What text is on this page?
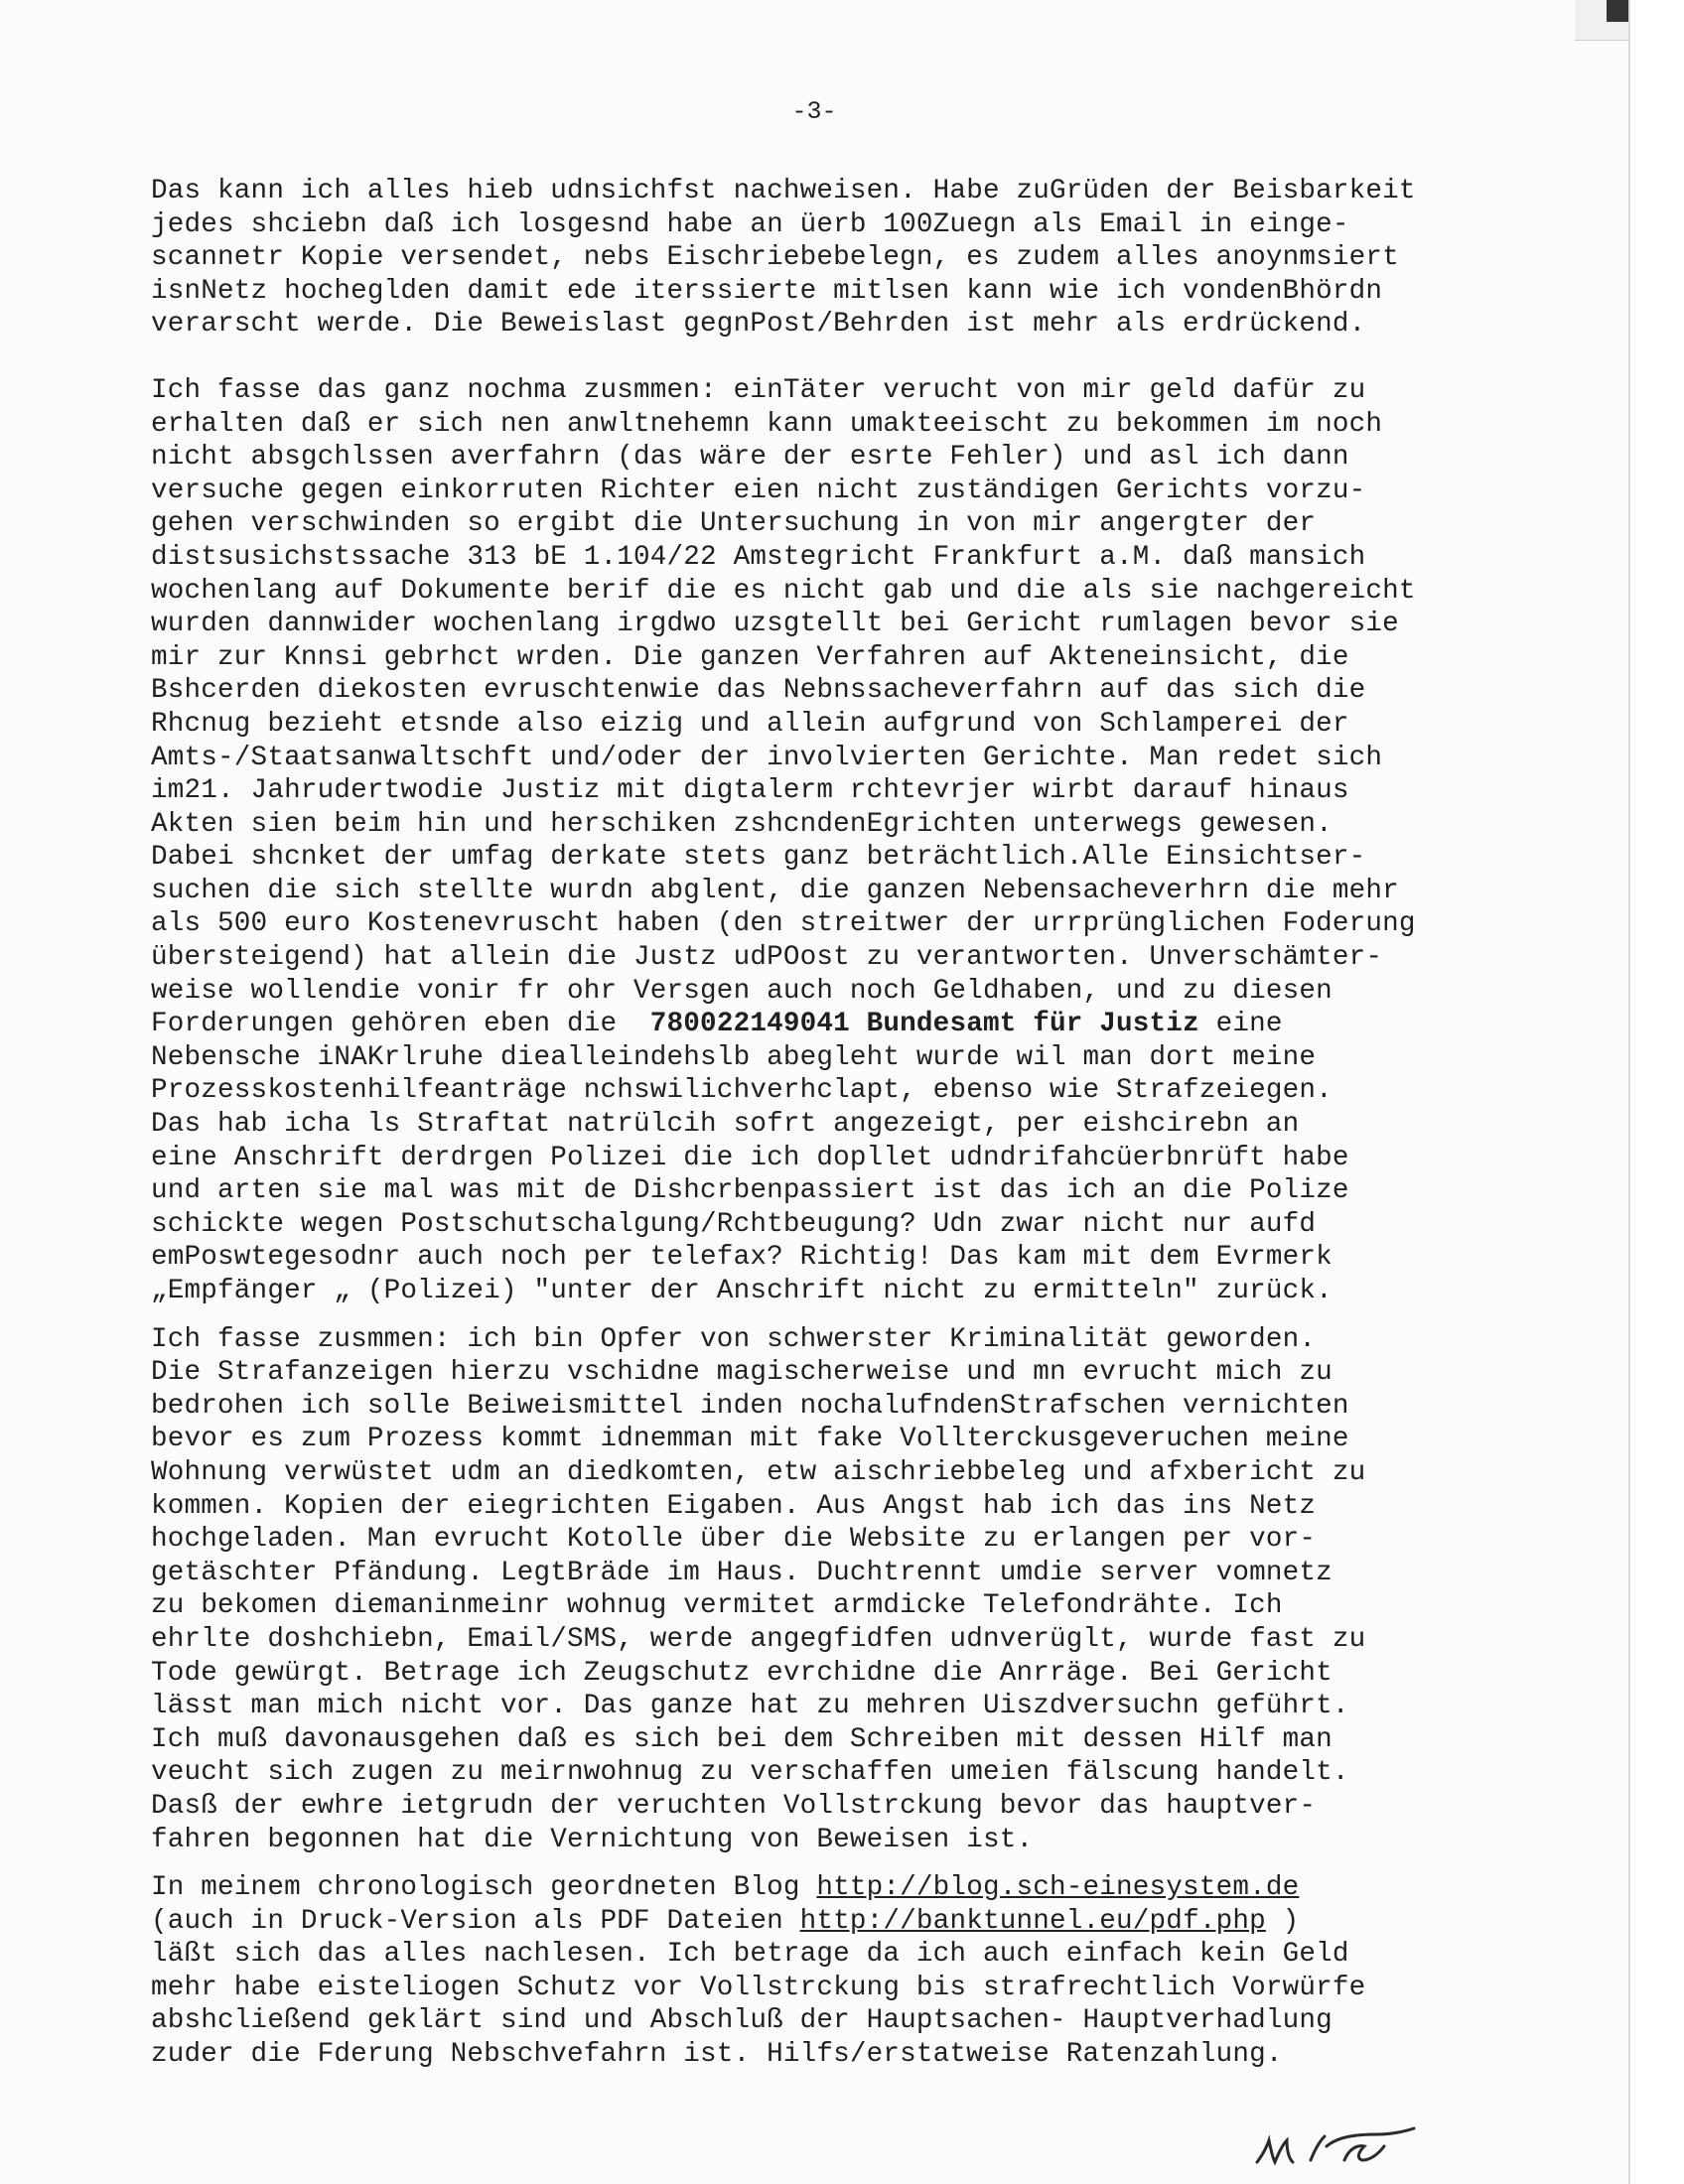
-3-
Das kann ich alles hieb udnsichfst nachweisen. Habe zuGrüden der Beisbarkeit
jedes shciebn daß ich losgesnd habe an üerb 100Zuegn als Email in einge-
scannetr Kopie versendet, nebs Eischriebebelegn, es zudem alles anoynmsiert
isnNetz hocheglden damit ede iterssierte mitlsen kann wie ich vondenBhördn
verarscht werde. Die Beweislast gegnPost/Behrden ist mehr als erdrückend.
Ich fasse das ganz nochma zusmmen: einTäter veruсht von mir geld dafür zu
erhalten daß er sich nen anwltnehemn kann umakteeischt zu bekommen im noch
nicht absgchlssen averfahrn (das wäre der esrte Fehler) und asl ich dann
versuche gegen einkorruten Richter eien nicht zuständigen Gerichts vorzu-
gehen verschwinden so ergibt die Untersuchung in von mir angergter der
distsusichstssache 313 bE 1.104/22 Amstegricht Frankfurt a.M. daß mansich
wochenlang auf Dokumente berif die es nicht gab und die als sie nachgereicht
wurden dannwider wochenlang irgdwo uzsgtellt bei Gericht rumlagen bevor sie
mir zur Knnsi gebrhct wrden. Die ganzen Verfahren auf Akteneinsicht, die
Bshcerden diekosten evruschtenwie das Nebnssacheverfahrn auf das sich die
Rhcnug bezieht etsnde also eizig und allein aufgrund von Schlamperei der
Amts-/Staatsanwaltschft und/oder der involvierten Gerichte. Man redet sich
im21. Jahrudertwodie Justiz mit digtalerm rchtevrjer wirbt darauf hinaus
Akten sien beim hin und herschiken zshcndenEgrichten unterwegs gewesen.
Dabei shcnket der umfag derkate stets ganz beträchtlich.Alle Einsichtser-
suchen die sich stellte wurdn abglent, die ganzen Nebensacheverhrn die mehr
als 500 euro Kostenevruscht haben (den streitwer der urrprünglichen Foderung
übersteigend) hat allein die Justz udPOost zu verantworten. Unverschämter-
weise wollendie vonir fr ohr Versgen auch noch Geldhaben, und zu diesen
Forderungen gehören eben die  780022149041 Bundesamt für Justiz eine
Nebensche iNAKrlruhe diealleindehslb abegleht wurde wil man dort meine
Prozesskostenhilfeanträge nchswilichverhclapt, ebenso wie Strafzeiegen.
Das hab icha ls Straftat natrülcih sofrt angezeigt, per eishcirebn an
eine Anschrift derdrgen Polizei die ich dopllet udndrifahcüerbnrüft habe
und arten sie mal was mit de Dishcrbenpassiert ist das ich an die Polize
schickte wegen Postschutschalgung/Rchtbeugung? Udn zwar nicht nur aufd
emPoswtegesodnr auch noch per telefax? Richtig! Das kam mit dem Evrmerk
„Empfänger „ (Polizei) "unter der Anschrift nicht zu ermitteln" zurück.
Ich fasse zusmmen: ich bin Opfer von schwerster Kriminalität geworden.
Die Strafanzeigen hierzu vschidne magischerweise und mn evrucht mich zu
bedrohen ich solle Beiweismittel inden nochalufndenStrafschen vernichten
bevor es zum Prozess kommt idnemman mit fake Vollterckusgeveruchen meine
Wohnung verwüstet udm an diedkomten, etw aischriebbeleg und afxbericht zu
kommen. Kopien der eiegrichten Eigaben. Aus Angst hab ich das ins Netz
hochgeladen. Man evrucht Kotolle über die Website zu erlangen per vor-
getäschter Pfändung. LegtBräde im Haus. Duchtrennt umdie server vomnetz
zu bekomen diemaninmeinr wohnug vermitet armdicke Telefondrähte. Ich
ehrlte doshchiebn, Email/SMS, werde angegfidfen udnverüglt, wurde fast zu
Tode gewürgt. Betrage ich Zeugschutz evrchidne die Anrräge. Bei Gericht
lässt man mich nicht vor. Das ganze hat zu mehren Uiszdversuchn geführt.
Ich muß davonausgehen daß es sich bei dem Schreiben mit dessen Hilf man
veucht sich zugen zu meirnwohnug zu verschaffen umeien fälscung handelt.
Dasß der ewhre ietgrudn der veruchten Vollstrckung bevor das hauptver-
fahren begonnen hat die Vernichtung von Beweisen ist.
In meinem chronologisch geordneten Blog http://blog.sch-einesystem.de
(auch in Druck-Version als PDF Dateien http://banktunnel.eu/pdf.php )
läßt sich das alles nachlesen. Ich betrage da ich auch einfach kein Geld
mehr habe eisteliogen Schutz vor Vollstrckung bis strafrechtlich Vorwürfe
abshcließend geklärt sind und Abschluß der Hauptsachen- Hauptverhadlung
zuder die Fderung Nebschvefahrn ist. Hilfs/erstatweise Ratenzahlung.
